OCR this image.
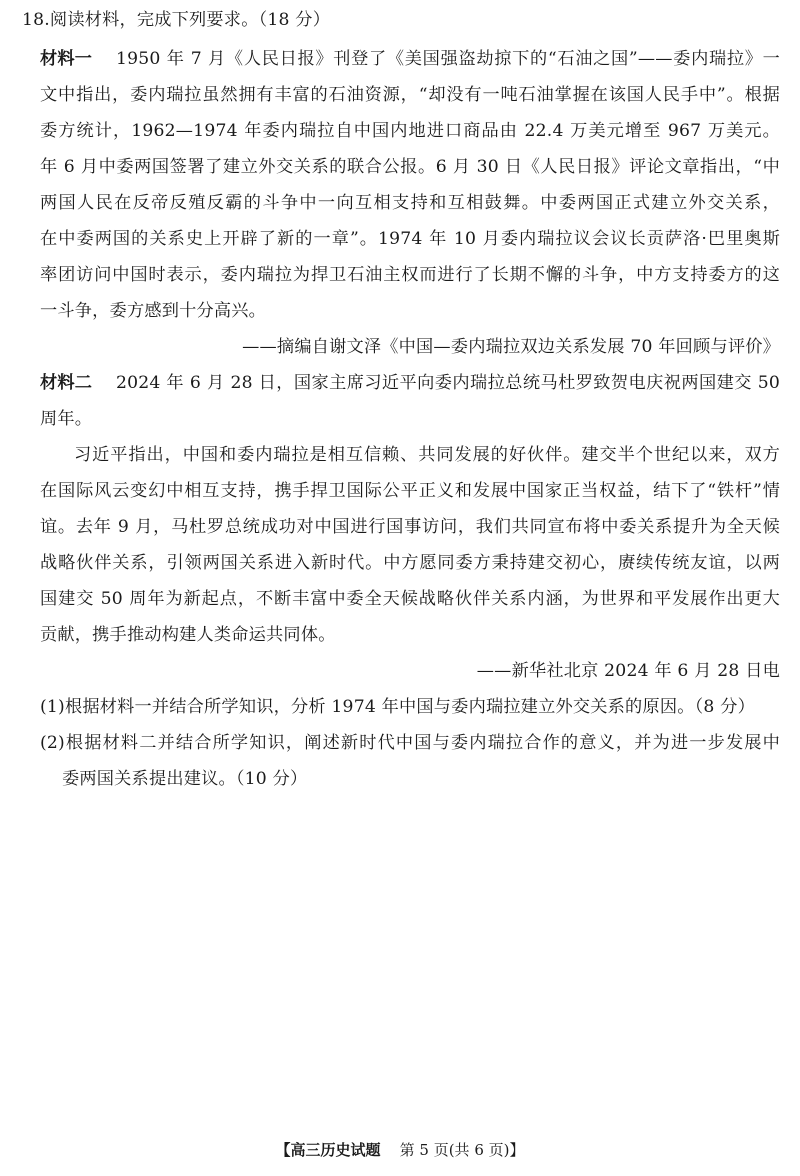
18.阅读材料，完成下列要求。（18 分）
材料一	1950 年 7 月《人民日报》刊登了《美国强盗劫掠下的“石油之国”——委内瑞拉》一
文中指出，委内瑞拉虽然拥有丰富的石油资源，“却没有一吨石油掌握在该国人民手中”。根据
委方统计，1962—1974 年委内瑞拉自中国内地进口商品由 22.4 万美元增至 967 万美元。
年 6 月中委两国签署了建立外交关系的联合公报。6 月 30 日《人民日报》评论文章指出，“中
两国人民在反帝反殖反霸的斗争中一向互相支持和互相鼓舞。中委两国正式建立外交关系，
在中委两国的关系史上开辟了新的一章”。1974 年 10 月委内瑞拉议会议长贡萨洛·巴里奥斯
率团访问中国时表示，委内瑞拉为捍卫石油主权而进行了长期不懈的斗争，中方支持委方的这
一斗争，委方感到十分高兴。
——摘编自谢文泽《中国—委内瑞拉双边关系发展 70 年回顾与评价》
材料二	2024 年 6 月 28 日，国家主席习近平向委内瑞拉总统马杜罗致贺电庆祝两国建交 50
周年。
习近平指出，中国和委内瑞拉是相互信赖、共同发展的好伙伴。建交半个世纪以来，双方
在国际风云变幻中相互支持，携手捍卫国际公平正义和发展中国家正当权益，结下了“铁杆”情
谊。去年 9 月，马杜罗总统成功对中国进行国事访问，我们共同宣布将中委关系提升为全天候
战略伙伴关系，引领两国关系进入新时代。中方愿同委方秉持建交初心，赓续传统友谊，以两
国建交 50 周年为新起点，不断丰富中委全天候战略伙伴关系内涵，为世界和平发展作出更大
贡献，携手推动构建人类命运共同体。
——新华社北京 2024 年 6 月 28 日电
(1)根据材料一并结合所学知识，分析 1974 年中国与委内瑞拉建立外交关系的原因。（8 分）
(2)根据材料二并结合所学知识，阐述新时代中国与委内瑞拉合作的意义，并为进一步发展中
委两国关系提出建议。（10 分）
【高三历史试题 第 5 页(共 6 页)】
